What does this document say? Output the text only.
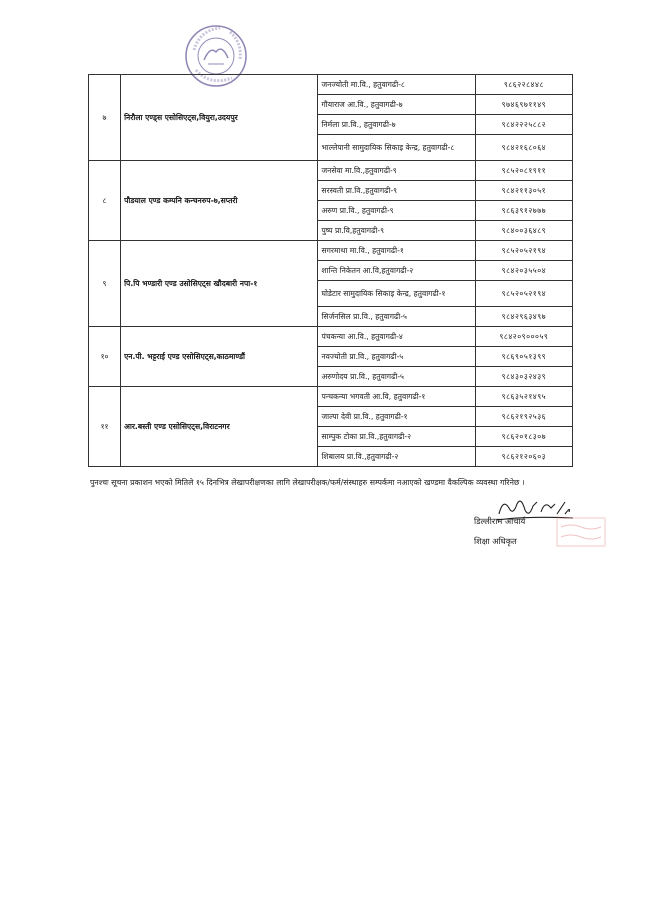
७	निरौला एण्ड्स एसोसिएट्स,वियुरा,उदयपुर	जनज्योती मा.वि., हतुवागढी-८	९८६२२८४४८
		गौयाराज आ.वि., हतुवागढी-७	९७४६९७११४९
		निर्मला प्रा.वि., हतुवागढी-७	९८४२२२५८८२
		भाल्लेपानी सामुदायिक सिकाइ केन्द्र, हतुवागढी-८	९८४२१६८०६४
८	पौडयाल एण्ड कम्पनि कन्चनरुप-७,सप्तरी	जनसेवा मा.वि.,हतुवागढी-९	९८५२०८१९११
		सरस्वती प्रा.वि.,हतुवागढी-९	९८४२११३०५१
		अरुण प्रा.वि., हतुवागढी-९	९८६३९१२७७७
		पुष्प प्रा.वि,हतुवागढी-९	९८४००३६४८९
९	पि.पि भण्डारी एण्ड उसोसिएट्स खौदबारी नपा-१	सगरमाथा मा.वि., हतुवागढी-१	९८५२०५२१९४
		शान्ति निकेतन आ.वि,हतुवागढी-२	९८४२०३५५०४
		घोडेटार सामुदायिक सिकाइ केन्द्र, हतुवागढी-१	९८५२०५२१९४
		सिर्जनसिल प्रा.वि., हतुवागढी-५	९८४२९६३४९७
१०	एन.पी. भट्टराई एण्ड एसोसिएट्स,काठमाण्डौं	पंचकन्या आ.वि., हतुवागढी-४	९८४२०९०००५९
		नवज्योती प्रा.वि., हतुवागढी-५	९८६९०५१३९९
		अरुणोदय प्रा.वि., हतुवागढी-५	९८४३०३२४३९
११	आर.बस्ती एण्ड एसोसिएट्स,विराटनगर	पन्चकन्या भगवती आ.वि, हतुवागढी-१	९८६३५२१४९५
		जाल्पा देवी प्रा.वि., हतुवागढी-१	९८६२१९२५३६
		साम्पुक टोका प्रा.वि.,हतुवागढी-२	९८६२०१८३०७
		शिबालय प्रा.वि.,हतुवागढी-२	९८६२१२०६०३

पुनश्चः सूचना प्रकाशन भएको मितिले १५ दिनभित्र लेखापरीक्षणका लागि लेखापरीक्षक/फर्म/संस्थाहरु सम्पर्कमा नआएको खण्डमा वैकल्पिक व्यवस्था गरिनेछ ।

डिल्लीराम आचार्य
शिक्षा अधिकृत
